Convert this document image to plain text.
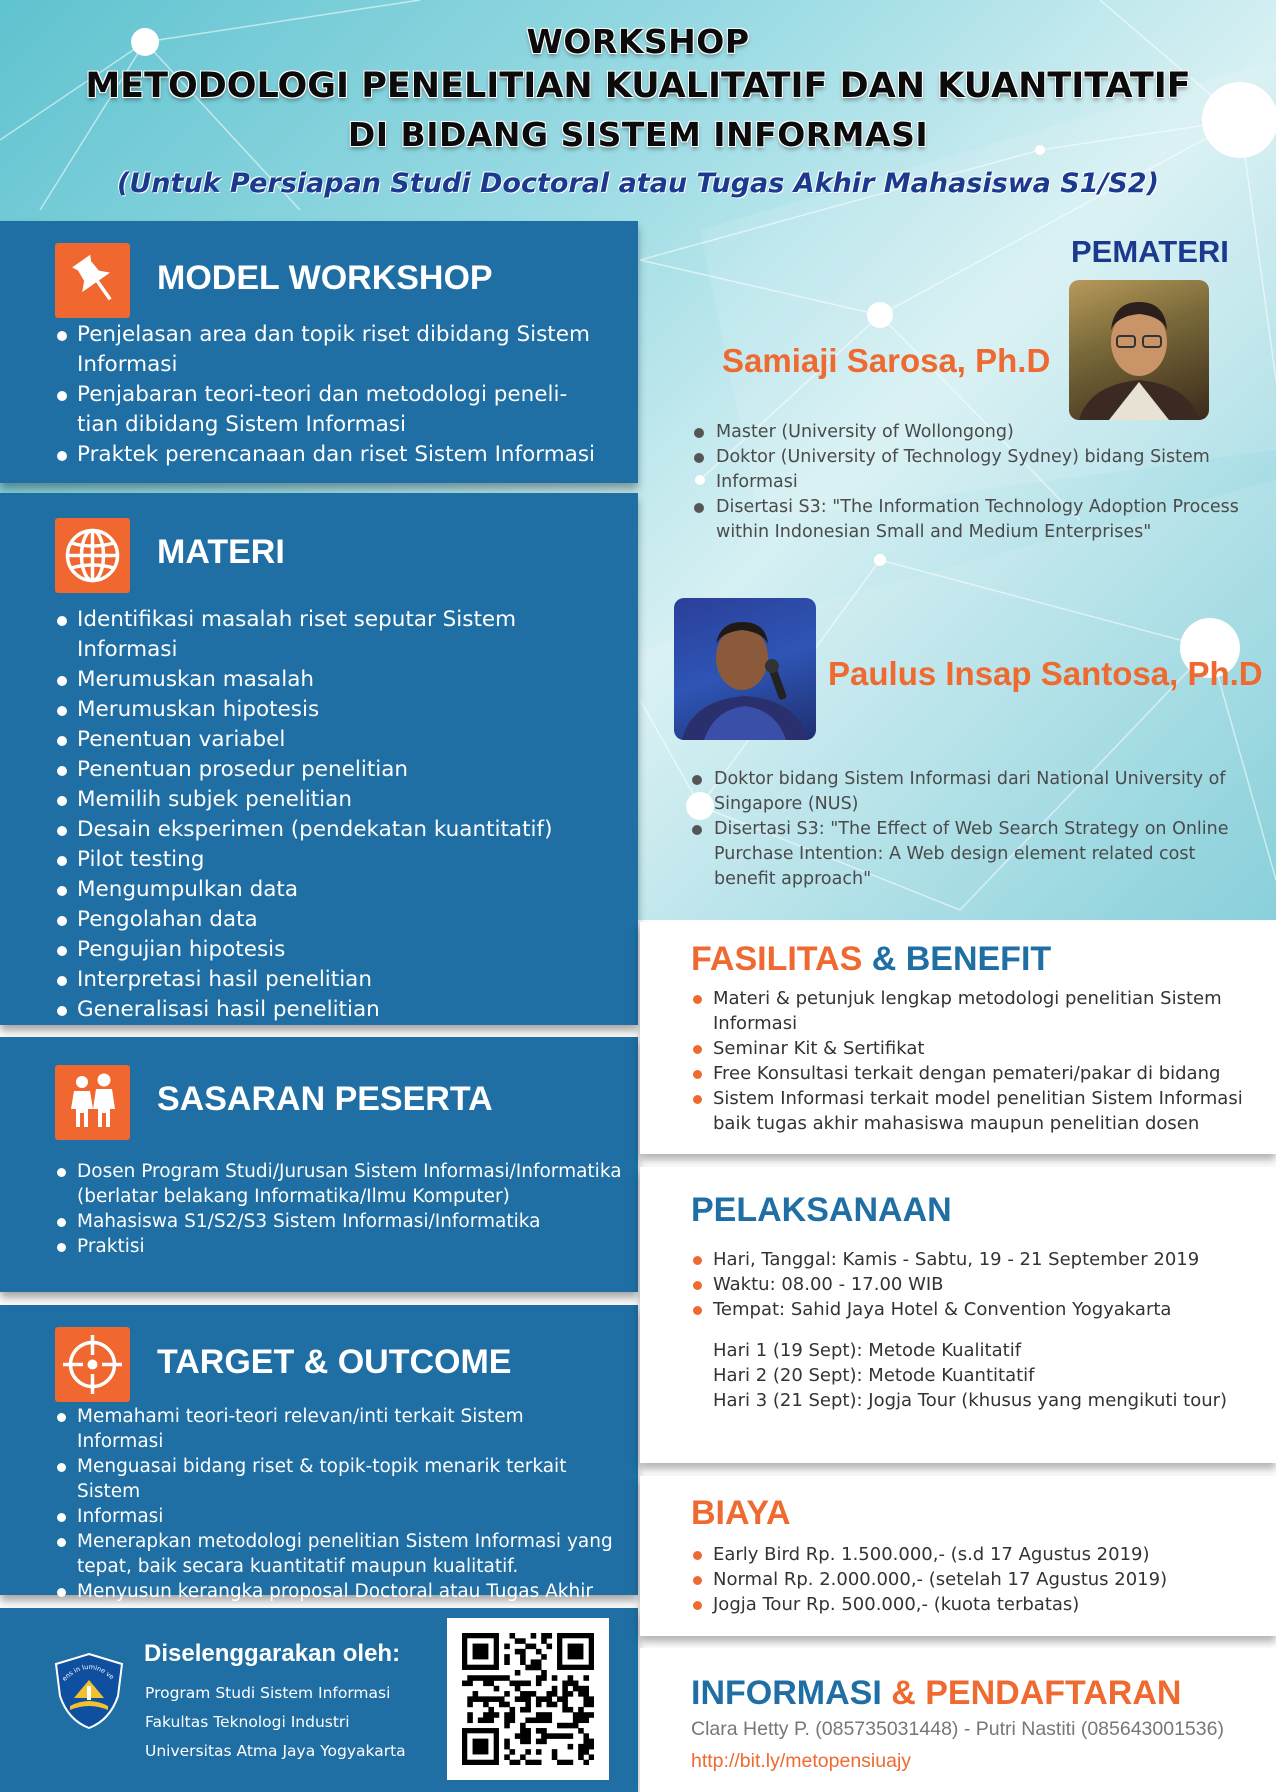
WORKSHOP
METODOLOGI PENELITIAN KUALITATIF DAN KUANTITATIF
DI BIDANG SISTEM INFORMASI
(Untuk Persiapan Studi Doctoral atau Tugas Akhir Mahasiswa S1/S2)
MODEL WORKSHOP
Penjelasan area dan topik riset dibidang Sistem Informasi
Penjabaran teori-teori dan metodologi peneli-tian dibidang Sistem Informasi
Praktek perencanaan dan riset Sistem Informasi
MATERI
Identifikasi masalah riset seputar Sistem Informasi
Merumuskan masalah
Merumuskan hipotesis
Penentuan variabel
Penentuan prosedur penelitian
Memilih subjek penelitian
Desain eksperimen (pendekatan kuantitatif)
Pilot testing
Mengumpulkan data
Pengolahan data
Pengujian hipotesis
Interpretasi hasil penelitian
Generalisasi hasil penelitian
SASARAN PESERTA
Dosen Program Studi/Jurusan Sistem Informasi/Informatika (berlatar belakang Informatika/Ilmu Komputer)
Mahasiswa S1/S2/S3 Sistem Informasi/Informatika
Praktisi
TARGET & OUTCOME
Memahami teori-teori relevan/inti terkait Sistem Informasi
Menguasai bidang riset & topik-topik menarik terkait Sistem
Informasi
Menerapkan metodologi penelitian Sistem Informasi yang tepat, baik secara kuantitatif maupun kualitatif.
Menyusun kerangka proposal Doctoral atau Tugas Akhir
ens in lumine ve
Diselenggarakan oleh:
Program Studi Sistem Informasi
Fakultas Teknologi Industri
Universitas Atma Jaya Yogyakarta
PEMATERI
Samiaji Sarosa, Ph.D
Master (University of Wollongong)
Doktor (University of Technology Sydney) bidang Sistem Informasi
Disertasi S3: "The Information Technology Adoption Process within Indonesian Small and Medium Enterprises"
Paulus Insap Santosa, Ph.D
Doktor bidang Sistem Informasi dari National University of Singapore (NUS)
Disertasi S3: "The Effect of Web Search Strategy on Online Purchase Intention: A Web design element related cost benefit approach"
FASILITAS & BENEFIT
Materi & petunjuk lengkap metodologi penelitian Sistem Informasi
Seminar Kit & Sertifikat
Free Konsultasi terkait dengan pemateri/pakar di bidang
Sistem Informasi terkait model penelitian Sistem Informasi baik tugas akhir mahasiswa maupun penelitian dosen
PELAKSANAAN
Hari, Tanggal: Kamis - Sabtu, 19 - 21 September 2019
Waktu: 08.00 - 17.00 WIB
Tempat: Sahid Jaya Hotel & Convention Yogyakarta
Hari 1 (19 Sept): Metode Kualitatif
Hari 2 (20 Sept): Metode Kuantitatif
Hari 3 (21 Sept): Jogja Tour (khusus yang mengikuti tour)
BIAYA
Early Bird Rp. 1.500.000,- (s.d 17 Agustus 2019)
Normal Rp. 2.000.000,- (setelah 17 Agustus 2019)
Jogja Tour Rp. 500.000,- (kuota terbatas)
INFORMASI & PENDAFTARAN
Clara Hetty P. (085735031448) - Putri Nastiti (085643001536)
http://bit.ly/metopensiuajy
